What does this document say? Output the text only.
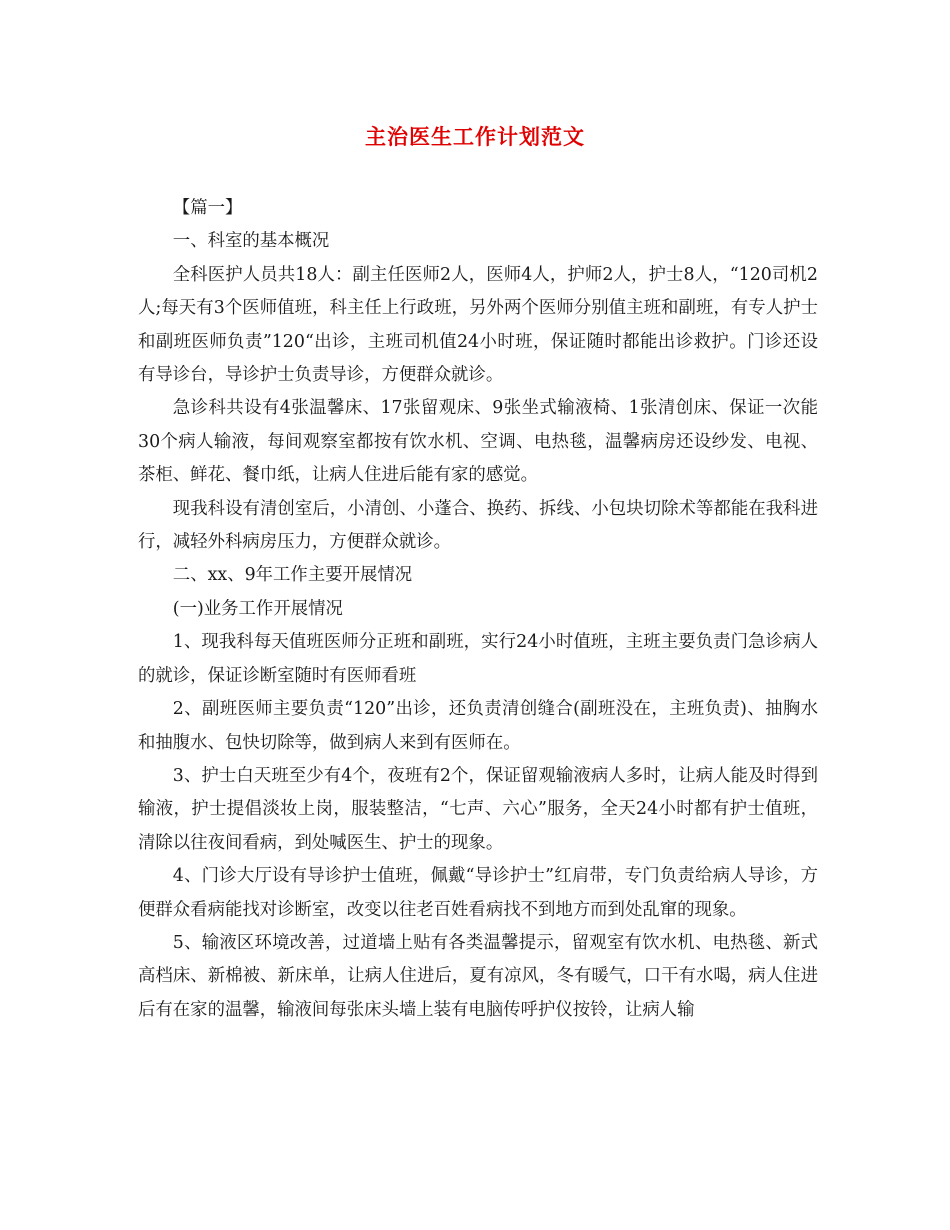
主治医生工作计划范文

【篇一】

一、科室的基本概况

全科医护人员共18人：副主任医师2人，医师4人，护师2人，护士8人，“120司机2人;每天有3个医师值班，科主任上行政班，另外两个医师分别值主班和副班，有专人护士和副班医师负责”120“出诊，主班司机值24小时班，保证随时都能出诊救护。门诊还设有导诊台，导诊护士负责导诊，方便群众就诊。

急诊科共设有4张温馨床、17张留观床、9张坐式输液椅、1张清创床、保证一次能30个病人输液，每间观察室都按有饮水机、空调、电热毯，温馨病房还设纱发、电视、茶柜、鲜花、餐巾纸，让病人住进后能有家的感觉。

现我科设有清创室后，小清创、小蓬合、换药、拆线、小包块切除术等都能在我科进行，减轻外科病房压力，方便群众就诊。

二、xx、9年工作主要开展情况

(一)业务工作开展情况

1、现我科每天值班医师分正班和副班，实行24小时值班，主班主要负责门急诊病人的就诊，保证诊断室随时有医师看班

2、副班医师主要负责“120”出诊，还负责清创缝合(副班没在，主班负责)、抽胸水和抽腹水、包快切除等，做到病人来到有医师在。

3、护士白天班至少有4个，夜班有2个，保证留观输液病人多时，让病人能及时得到输液，护士提倡淡妆上岗，服装整洁，“七声、六心”服务，全天24小时都有护士值班，清除以往夜间看病，到处喊医生、护士的现象。

4、门诊大厅设有导诊护士值班，佩戴“导诊护士”红肩带，专门负责给病人导诊，方便群众看病能找对诊断室，改变以往老百姓看病找不到地方而到处乱窜的现象。

5、输液区环境改善，过道墙上贴有各类温馨提示，留观室有饮水机、电热毯、新式高档床、新棉被、新床单，让病人住进后，夏有凉风，冬有暖气，口干有水喝，病人住进后有在家的温馨，输液间每张床头墙上装有电脑传呼护仪按铃，让病人输
